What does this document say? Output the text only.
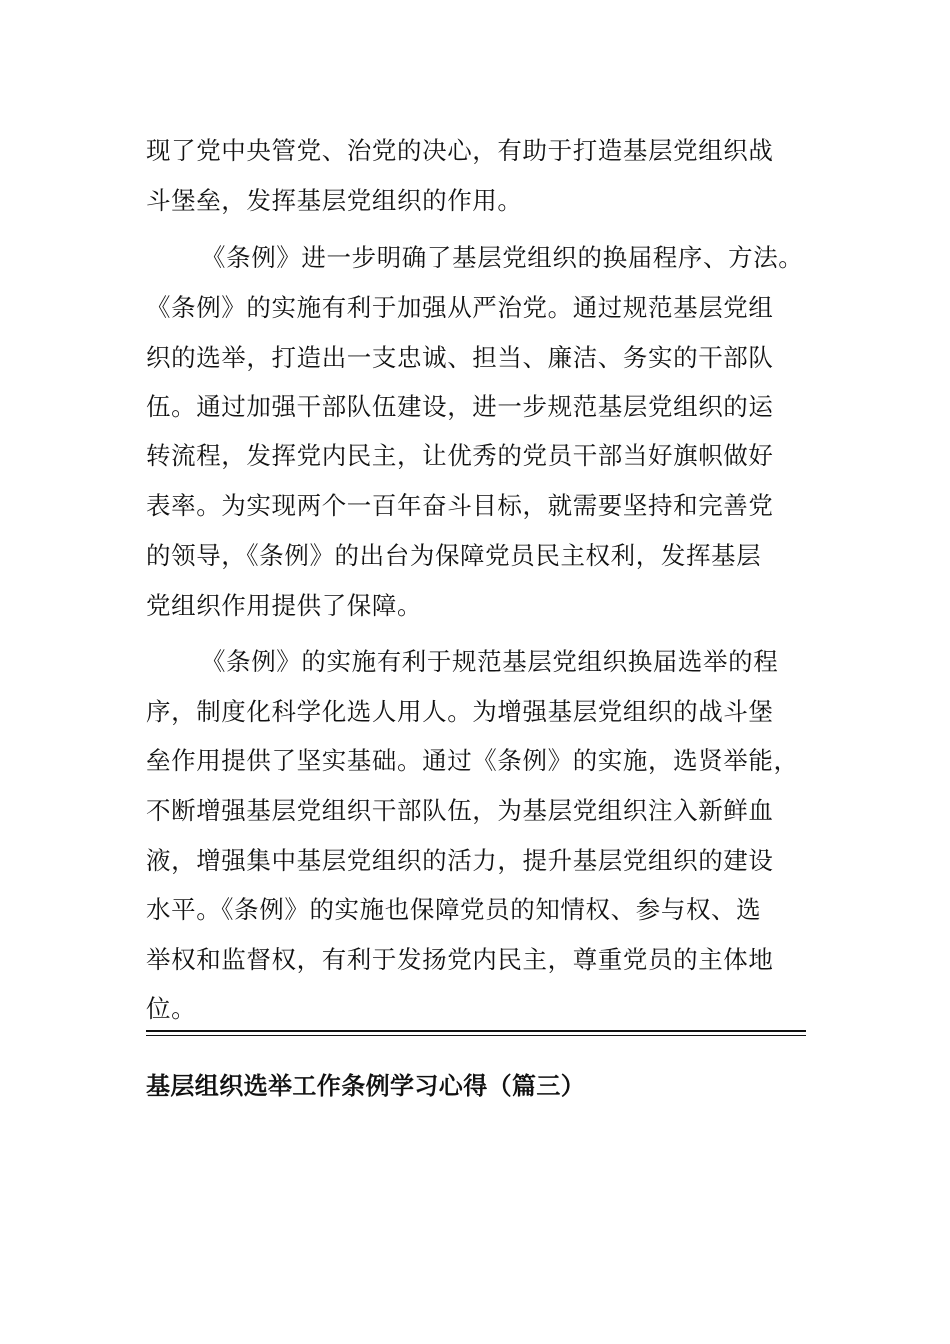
现了党中央管党、治党的决心，有助于打造基层党组织战
斗堡垒，发挥基层党组织的作用。
《条例》进一步明确了基层党组织的换届程序、方法。
《条例》的实施有利于加强从严治党。通过规范基层党组
织的选举，打造出一支忠诚、担当、廉洁、务实的干部队
伍。通过加强干部队伍建设，进一步规范基层党组织的运
转流程，发挥党内民主，让优秀的党员干部当好旗帜做好
表率。为实现两个一百年奋斗目标，就需要坚持和完善党
的领导，《条例》的出台为保障党员民主权利，发挥基层
党组织作用提供了保障。
《条例》的实施有利于规范基层党组织换届选举的程
序，制度化科学化选人用人。为增强基层党组织的战斗堡
垒作用提供了坚实基础。通过《条例》的实施，选贤举能，
不断增强基层党组织干部队伍，为基层党组织注入新鲜血
液，增强集中基层党组织的活力，提升基层党组织的建设
水平。《条例》的实施也保障党员的知情权、参与权、选
举权和监督权，有利于发扬党内民主，尊重党员的主体地
位。
基层组织选举工作条例学习心得（篇三）
